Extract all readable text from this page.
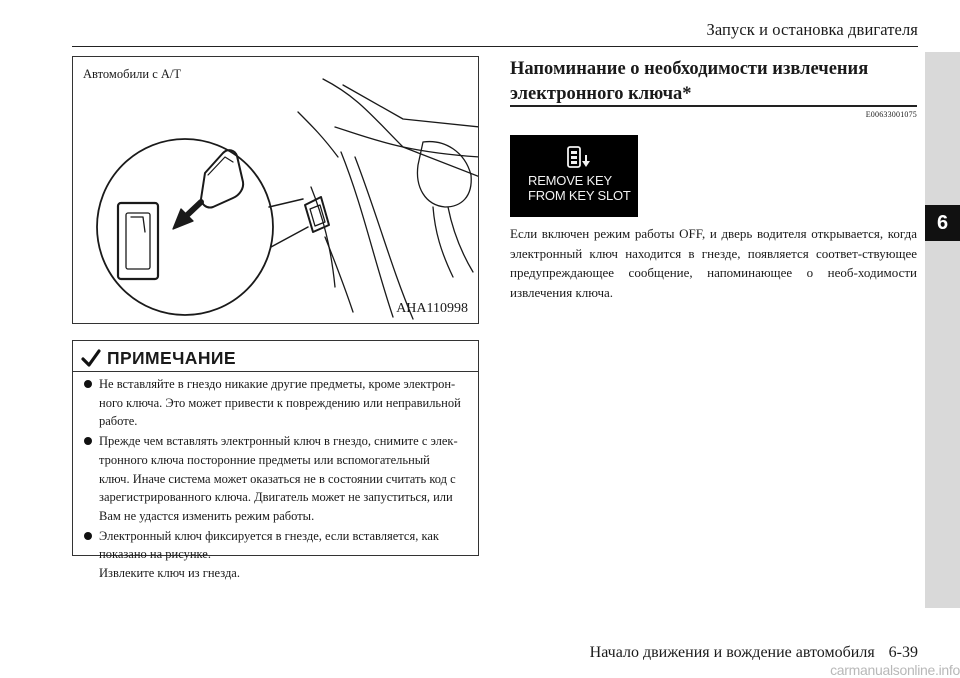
Запуск и остановка двигателя
6
Автомобили с A/T
AHA110998
ПРИМЕЧАНИЕ
Не вставляйте в гнездо никакие другие предметы, кроме электрон-
ного ключа. Это может привести к повреждению или неправильной
работе.
Прежде чем вставлять электронный ключ в гнездо, снимите с элек-
тронного ключа посторонние предметы или вспомогательный
ключ. Иначе система может оказаться не в состоянии считать код с
зарегистрированного ключа. Двигатель может не запуститься, или
Вам не удастся изменить режим работы.
Электронный ключ фиксируется в гнезде, если вставляется, как
показано на рисунке.
Извлеките ключ из гнезда.
Напоминание о необходимости извлечения
электронного ключа*
E00633001075
REMOVE KEY
FROM KEY SLOT
Если включен режим работы OFF, и дверь водителя открывается, когда электронный ключ находится в гнезде, появляется соответ-ствующее предупреждающее сообщение, напоминающее о необ-ходимости извлечения ключа.
Начало движения и вождение автомобиля 6-39
carmanualsonline.info
